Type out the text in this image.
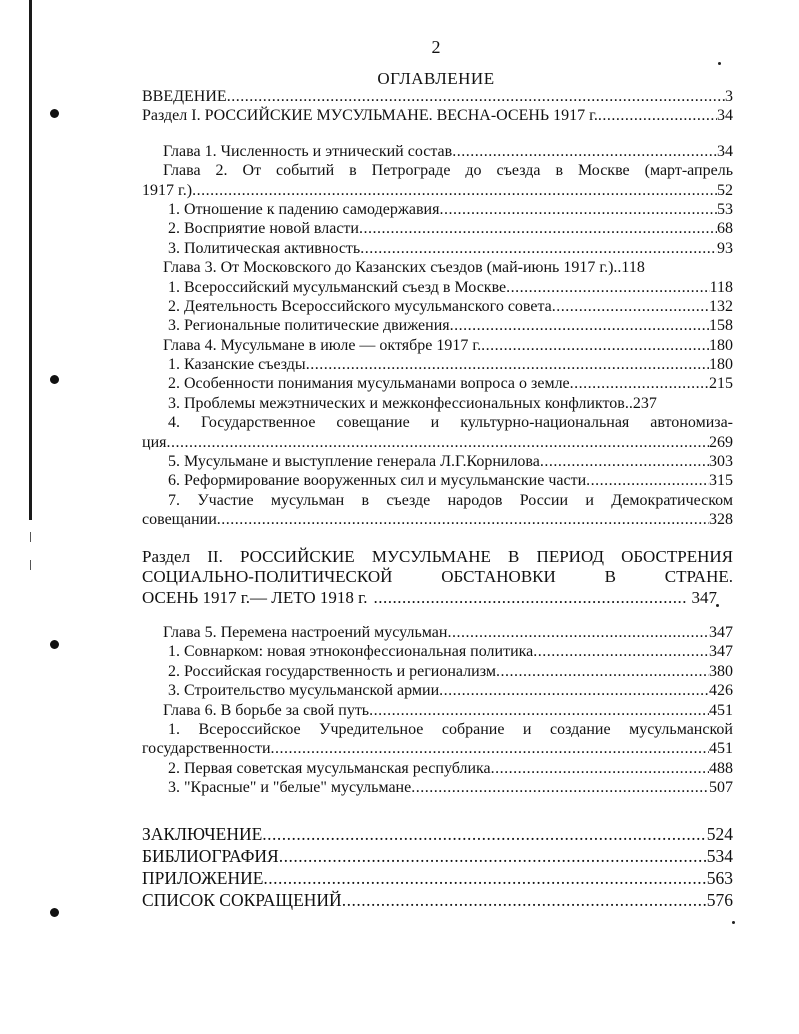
2
ОГЛАВЛЕНИЕ
ВВЕДЕНИЕ .....	3
Раздел I. РОССИЙСКИЕ МУСУЛЬМАНЕ. ВЕСНА-ОСЕНЬ 1917 г. .....	34
Глава 1. Численность и этнический состав .....	34
Глава 2. От событий в Петрограде до съезда в Москве (март-апрель
1917 г.) .....	52
1. Отношение к падению самодержавия .....	53
2. Восприятие новой власти .....	68
3. Политическая активность .....	93
Глава 3. От Московского до Казанских съездов (май-июнь 1917 г.).. 118
1. Всероссийский мусульманский съезд в Москве .....	118
2. Деятельность Всероссийского мусульманского совета .....	132
3. Региональные политические движения .....	158
Глава 4. Мусульмане в июле — октябре 1917 г. .....	180
1. Казанские съезды .....	180
2. Особенности понимания мусульманами вопроса о земле .....	215
3. Проблемы межэтнических и межконфессиональных конфликтов.. 237
4. Государственное совещание и культурно-национальная автономиза-
ция .....	269
5. Мусульмане и выступление генерала Л.Г.Корнилова .....	303
6. Реформирование вооруженных сил и мусульманские части .....	315
7. Участие мусульман в съезде народов России и Демократическом
совещании .....	328
Раздел II. РОССИЙСКИЕ МУСУЛЬМАНЕ В ПЕРИОД ОБОСТРЕНИЯ
СОЦИАЛЬНО-ПОЛИТИЧЕСКОЙ ОБСТАНОВКИ В СТРАНЕ.
ОСЕНЬ 1917 г.— ЛЕТО 1918 г. .....	347
Глава 5. Перемена настроений мусульман .....	347
1. Совнарком: новая этноконфессиональная политика .....	347
2. Российская государственность и регионализм .....	380
3. Строительство мусульманской армии .....	426
Глава 6. В борьбе за свой путь .....	451
1. Всероссийское Учредительное собрание и создание мусульманской
государственности .....	451
2. Первая советская мусульманская республика .....	488
3. "Красные" и "белые" мусульмане .....	507
ЗАКЛЮЧЕНИЕ .....	524
БИБЛИОГРАФИЯ .....	534
ПРИЛОЖЕНИЕ .....	563
СПИСОК СОКРАЩЕНИЙ .....	576
